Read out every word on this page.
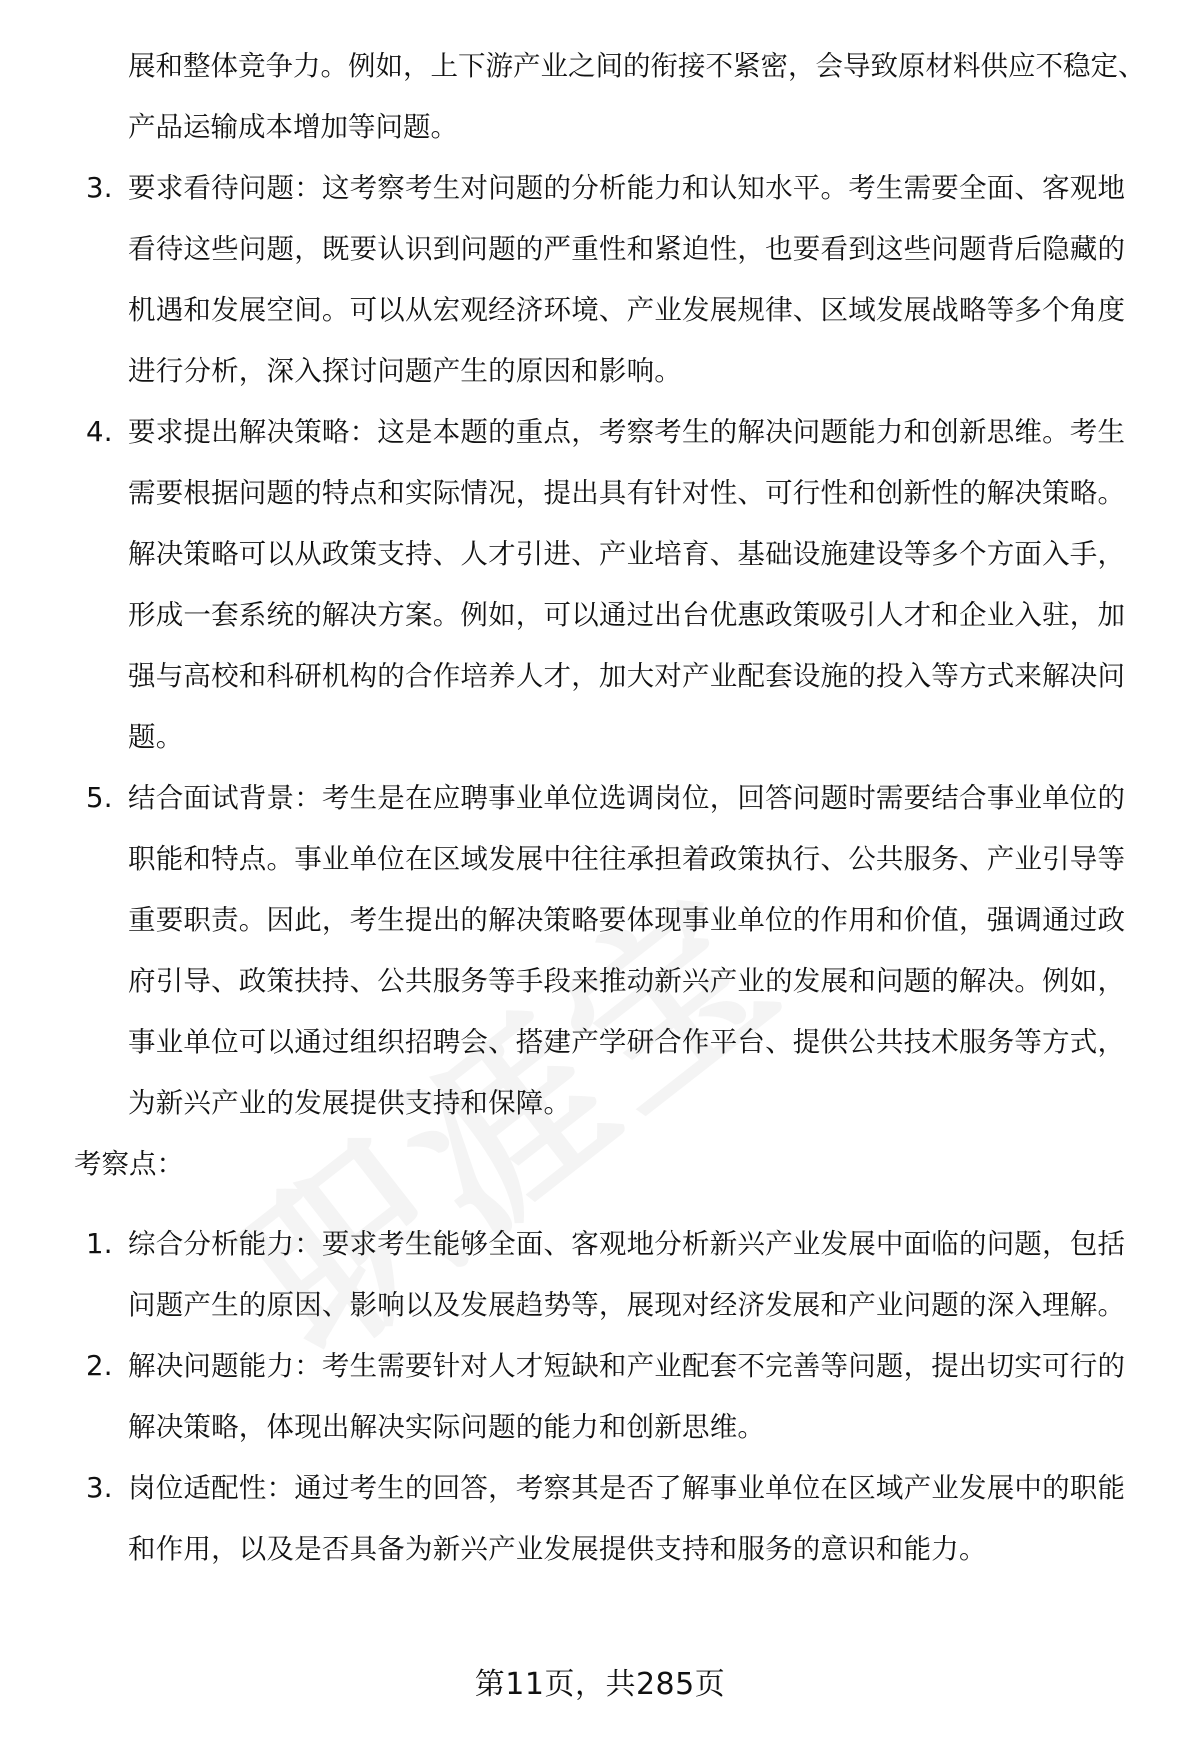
展和整体竞争力。例如，上下游产业之间的衔接不紧密，会导致原材料供应不稳定、产品运输成本增加等问题。
3. 要求看待问题：这考察考生对问题的分析能力和认知水平。考生需要全面、客观地看待这些问题，既要认识到问题的严重性和紧迫性，也要看到这些问题背后隐藏的机遇和发展空间。可以从宏观经济环境、产业发展规律、区域发展战略等多个角度进行分析，深入探讨问题产生的原因和影响。
4. 要求提出解决策略：这是本题的重点，考察考生的解决问题能力和创新思维。考生需要根据问题的特点和实际情况，提出具有针对性、可行性和创新性的解决策略。解决策略可以从政策支持、人才引进、产业培育、基础设施建设等多个方面入手，形成一套系统的解决方案。例如，可以通过出台优惠政策吸引人才和企业入驻，加强与高校和科研机构的合作培养人才，加大对产业配套设施的投入等方式来解决问题。
5. 结合面试背景：考生是在应聘事业单位选调岗位，回答问题时需要结合事业单位的职能和特点。事业单位在区域发展中往往承担着政策执行、公共服务、产业引导等重要职责。因此，考生提出的解决策略要体现事业单位的作用和价值，强调通过政府引导、政策扶持、公共服务等手段来推动新兴产业的发展和问题的解决。例如，事业单位可以通过组织招聘会、搭建产学研合作平台、提供公共技术服务等方式，为新兴产业的发展提供支持和保障。
考察点：
1. 综合分析能力：要求考生能够全面、客观地分析新兴产业发展中面临的问题，包括问题产生的原因、影响以及发展趋势等，展现对经济发展和产业问题的深入理解。
2. 解决问题能力：考生需要针对人才短缺和产业配套不完善等问题，提出切实可行的解决策略，体现出解决实际问题的能力和创新思维。
3. 岗位适配性：通过考生的回答，考察其是否了解事业单位在区域产业发展中的职能和作用，以及是否具备为新兴产业发展提供支持和服务的意识和能力。
第11页，共285页
